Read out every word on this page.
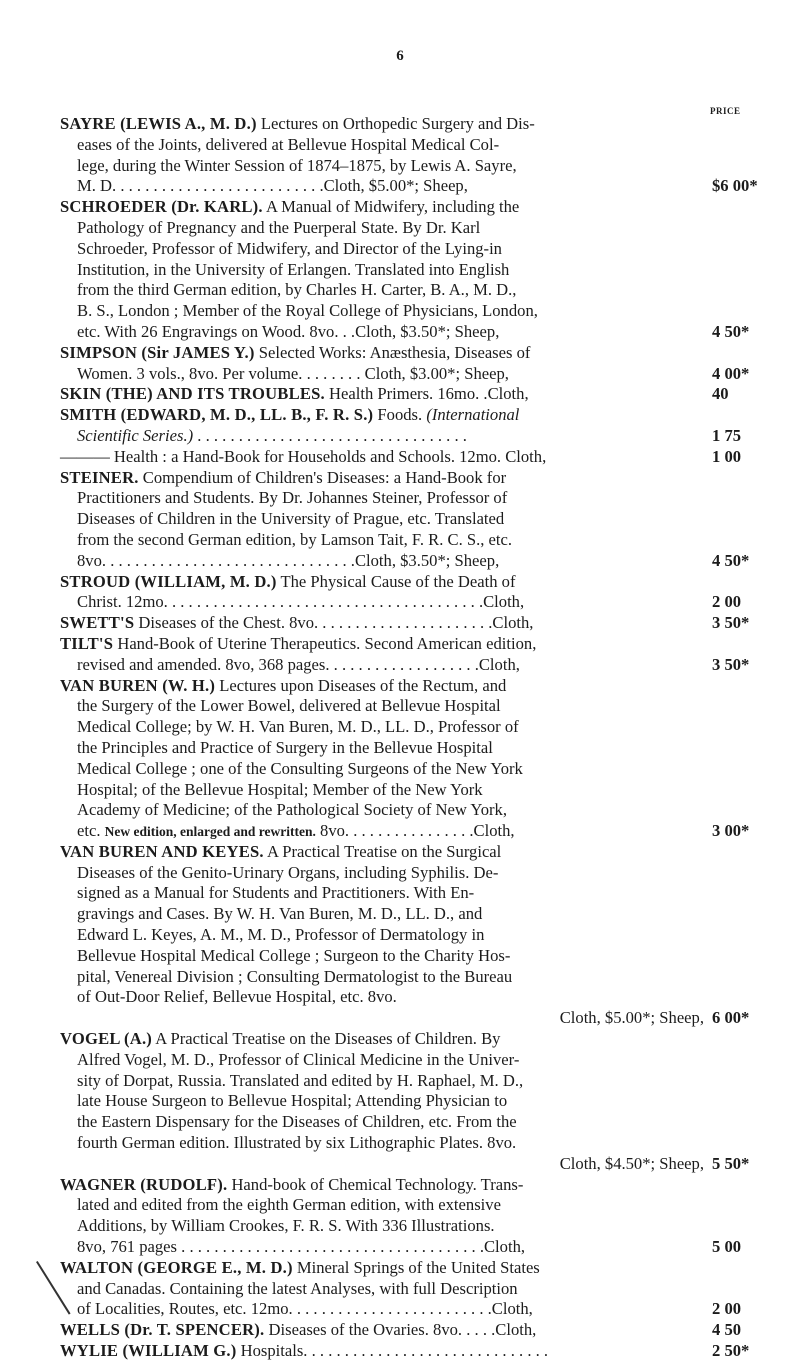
6
PRICE
SAYRE (LEWIS A., M. D.) Lectures on Orthopedic Surgery and Dis-
eases of the Joints, delivered at Bellevue Hospital Medical Col-
lege, during the Winter Session of 1874–1875, by Lewis A. Sayre,
M. D. . . . . . . . . . . . . . . . . . . . . . . . . .Cloth, $5.00*; Sheep,	$6 00*
SCHROEDER (Dr. KARL). A Manual of Midwifery, including the
Pathology of Pregnancy and the Puerperal State. By Dr. Karl
Schroeder, Professor of Midwifery, and Director of the Lying-in
Institution, in the University of Erlangen. Translated into English
from the third German edition, by Charles H. Carter, B. A., M. D.,
B. S., London ; Member of the Royal College of Physicians, London,
etc. With 26 Engravings on Wood. 8vo. . .Cloth, $3.50*; Sheep,	4 50*
SIMPSON (Sir JAMES Y.) Selected Works: Anæsthesia, Diseases of
Women. 3 vols., 8vo. Per volume. . . . . . . . Cloth, $3.00*; Sheep,	4 00*
SKIN (THE) AND ITS TROUBLES. Health Primers. 16mo. .Cloth,	40
SMITH (EDWARD, M. D., LL. B., F. R. S.) Foods. (International
Scientific Series.) . . . . . . . . . . . . . . . . . . . . . . . . . . . . . . . . .	1 75
——— Health : a Hand-Book for Households and Schools. 12mo. Cloth,	1 00
STEINER. Compendium of Children's Diseases: a Hand-Book for
Practitioners and Students. By Dr. Johannes Steiner, Professor of
Diseases of Children in the University of Prague, etc. Translated
from the second German edition, by Lamson Tait, F. R. C. S., etc.
8vo. . . . . . . . . . . . . . . . . . . . . . . . . . . . . . .Cloth, $3.50*; Sheep,	4 50*
STROUD (WILLIAM, M. D.) The Physical Cause of the Death of
Christ. 12mo. . . . . . . . . . . . . . . . . . . . . . . . . . . . . . . . . . . . . . .Cloth,	2 00
SWETT'S Diseases of the Chest. 8vo. . . . . . . . . . . . . . . . . . . . . .Cloth,	3 50*
TILT'S Hand-Book of Uterine Therapeutics. Second American edition,
revised and amended. 8vo, 368 pages. . . . . . . . . . . . . . . . . . .Cloth,	3 50*
VAN BUREN (W. H.) Lectures upon Diseases of the Rectum, and
the Surgery of the Lower Bowel, delivered at Bellevue Hospital
Medical College; by W. H. Van Buren, M. D., LL. D., Professor of
the Principles and Practice of Surgery in the Bellevue Hospital
Medical College ; one of the Consulting Surgeons of the New York
Hospital; of the Bellevue Hospital; Member of the New York
Academy of Medicine; of the Pathological Society of New York,
etc. New edition, enlarged and rewritten. 8vo. . . . . . . . . . . . . . . .Cloth,	3 00*
VAN BUREN AND KEYES. A Practical Treatise on the Surgical
Diseases of the Genito-Urinary Organs, including Syphilis. De-
signed as a Manual for Students and Practitioners. With En-
gravings and Cases. By W. H. Van Buren, M. D., LL. D., and
Edward L. Keyes, A. M., M. D., Professor of Dermatology in
Bellevue Hospital Medical College ; Surgeon to the Charity Hos-
pital, Venereal Division ; Consulting Dermatologist to the Bureau
of Out-Door Relief, Bellevue Hospital, etc. 8vo.
Cloth, $5.00*; Sheep, 6 00*
VOGEL (A.) A Practical Treatise on the Diseases of Children. By
Alfred Vogel, M. D., Professor of Clinical Medicine in the Univer-
sity of Dorpat, Russia. Translated and edited by H. Raphael, M. D.,
late House Surgeon to Bellevue Hospital; Attending Physician to
the Eastern Dispensary for the Diseases of Children, etc. From the
fourth German edition. Illustrated by six Lithographic Plates. 8vo.
Cloth, $4.50*; Sheep, 5 50*
WAGNER (RUDOLF). Hand-book of Chemical Technology. Trans-
lated and edited from the eighth German edition, with extensive
Additions, by William Crookes, F. R. S. With 336 Illustrations.
8vo, 761 pages . . . . . . . . . . . . . . . . . . . . . . . . . . . . . . . . . . . . .Cloth,	5 00
WALTON (GEORGE E., M. D.) Mineral Springs of the United States
and Canadas. Containing the latest Analyses, with full Description
of Localities, Routes, etc. 12mo. . . . . . . . . . . . . . . . . . . . . . . . .Cloth,	2 00
WELLS (Dr. T. SPENCER). Diseases of the Ovaries. 8vo. . . . .Cloth,	4 50
WYLIE (WILLIAM G.) Hospitals. . . . . . . . . . . . . . . . . . . . . . . . . . . . . .	2 50*
